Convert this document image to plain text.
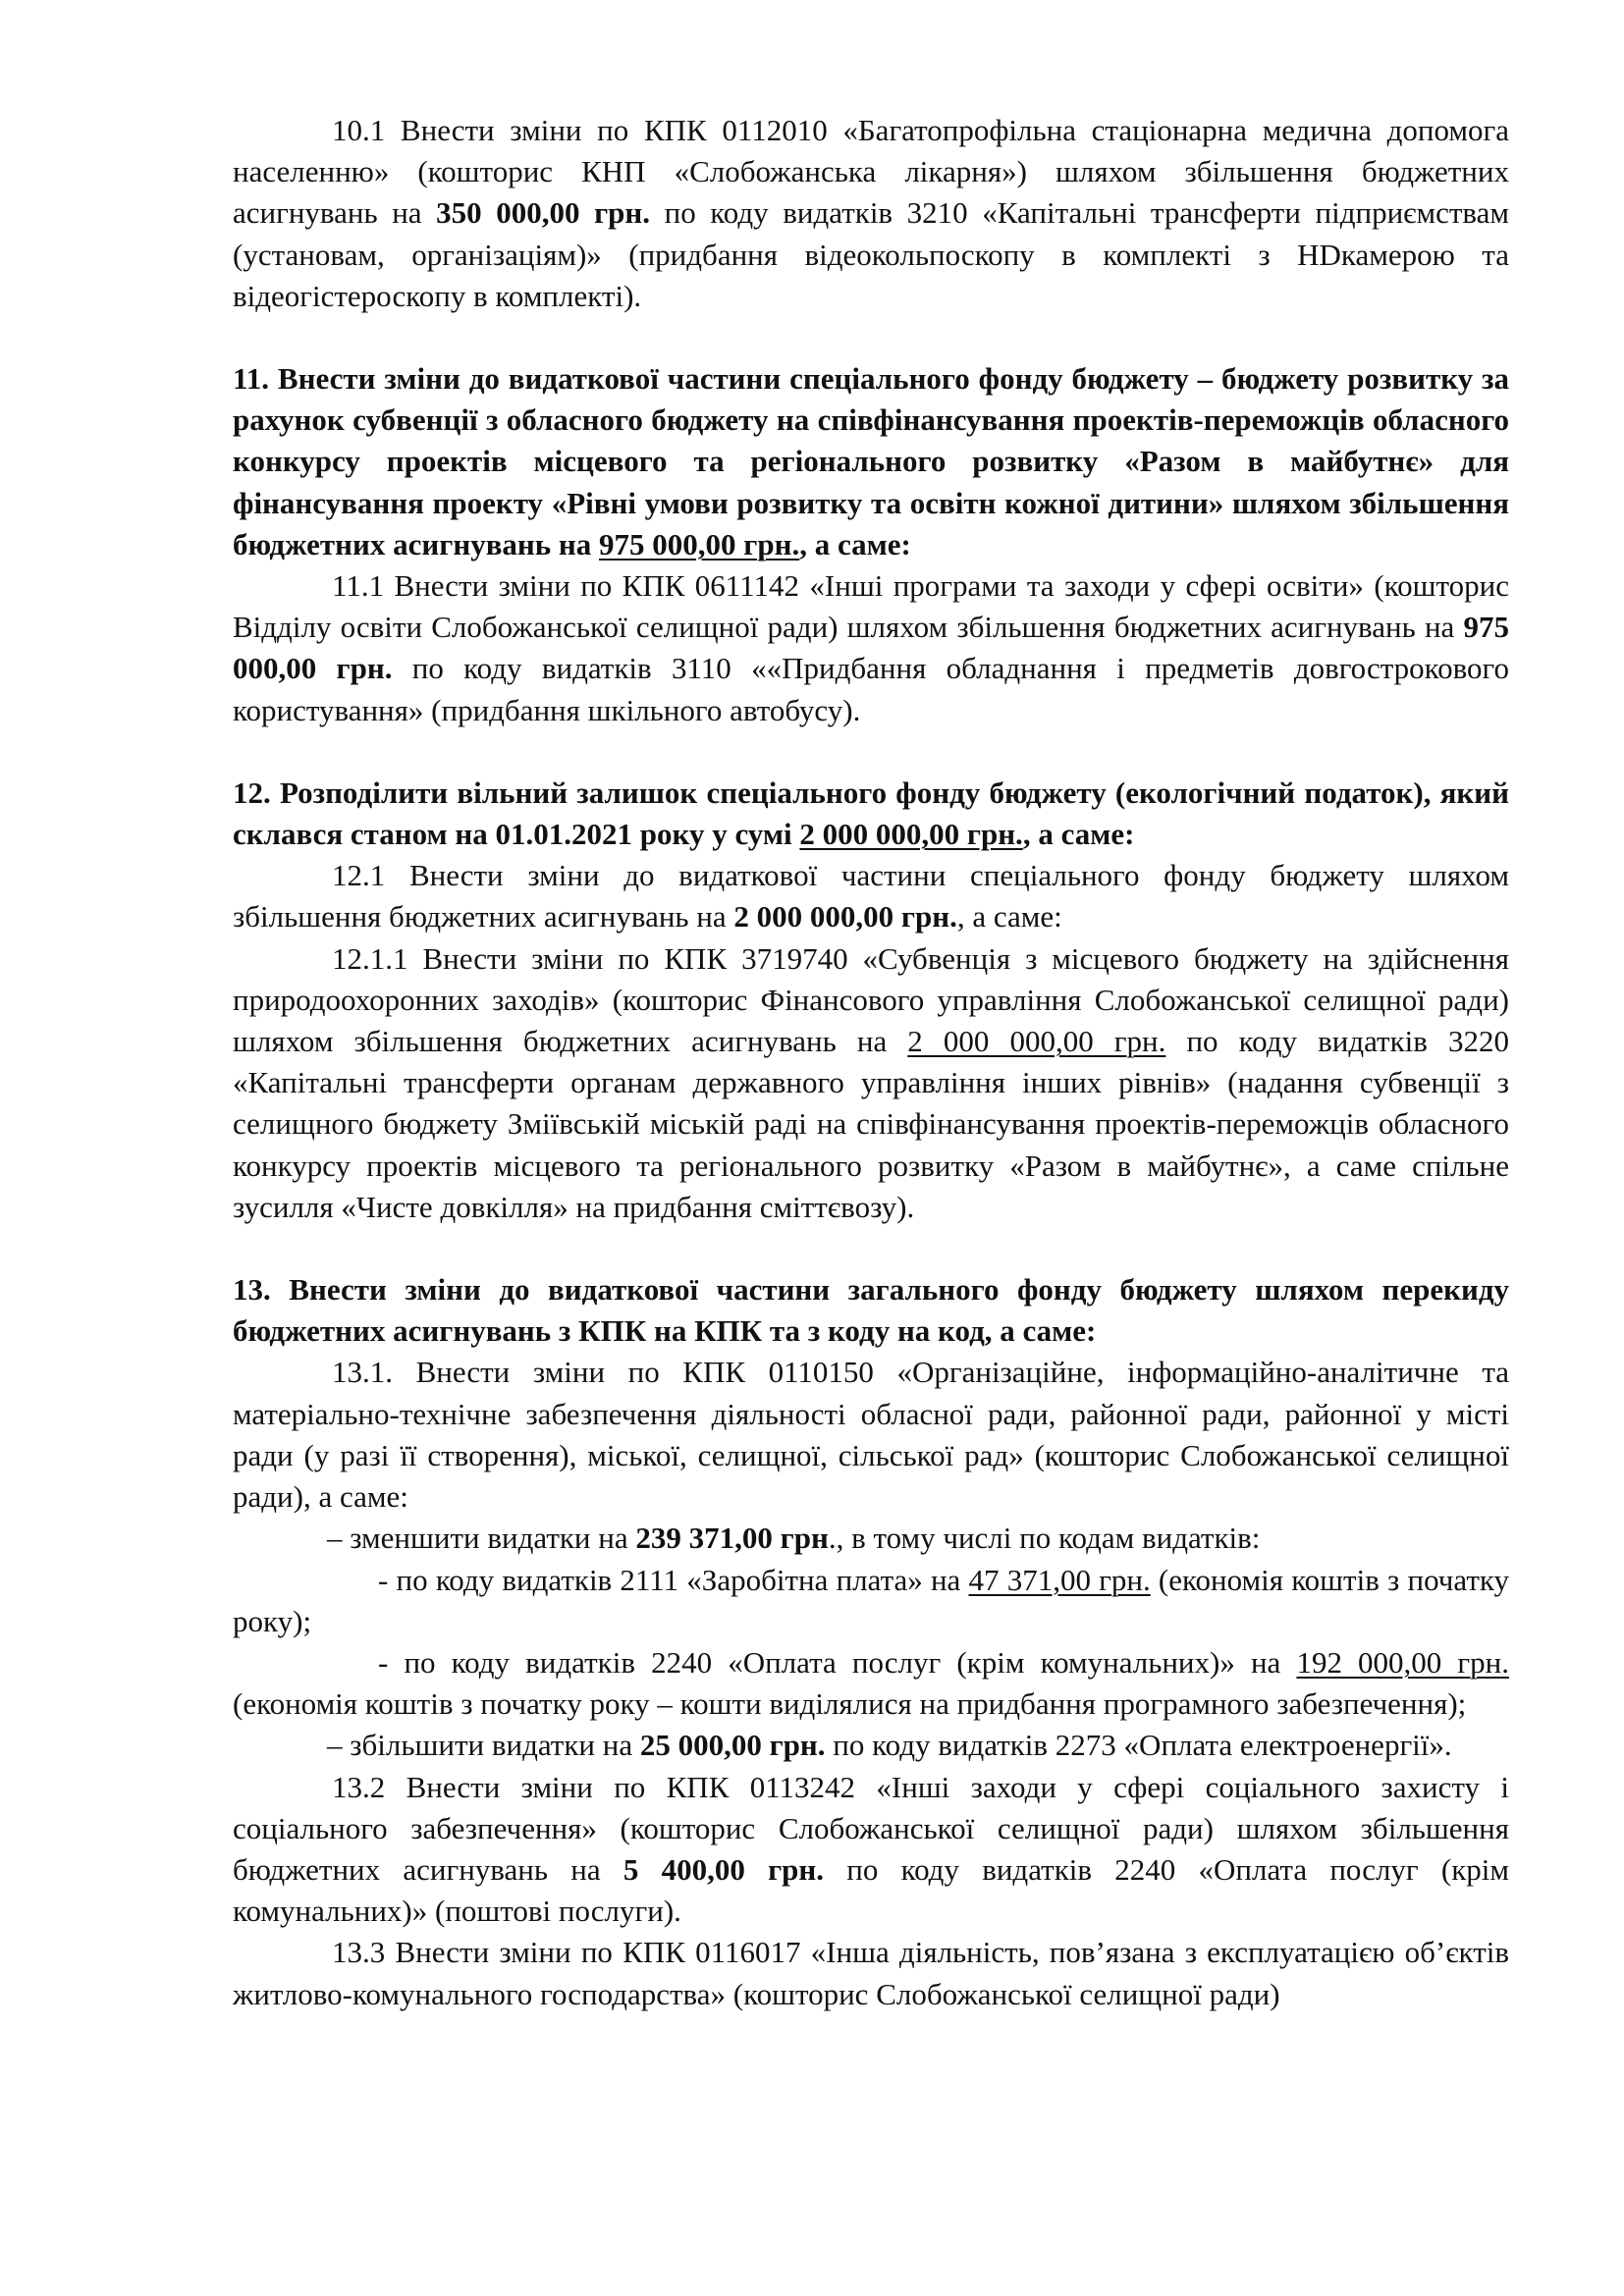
10.1 Внести зміни по КПК 0112010 «Багатопрофільна стаціонарна медична допомога населенню» (кошторис КНП «Слобожанська лікарня») шляхом збільшення бюджетних асигнувань на 350 000,00 грн. по коду видатків 3210 «Капітальні трансферти підприємствам (установам, організаціям)» (придбання відеокольпоскопу в комплекті з HDкамерою та відеогістероскопу в комплекті).

11. Внести зміни до видаткової частини спеціального фонду бюджету – бюджету розвитку за рахунок субвенції з обласного бюджету на співфінансування проектів-переможців обласного конкурсу проектів місцевого та регіонального розвитку «Разом в майбутнє» для фінансування проекту «Рівні умови розвитку та освітн кожної дитини» шляхом збільшення бюджетних асигнувань на 975 000,00 грн., а саме:

11.1 Внести зміни по КПК 0611142 «Інші програми та заходи у сфері освіти» (кошторис Відділу освіти Слобожанської селищної ради) шляхом збільшення бюджетних асигнувань на 975 000,00 грн. по коду видатків 3110 ««Придбання обладнання і предметів довгострокового користування» (придбання шкільного автобусу).

12. Розподілити вільний залишок спеціального фонду бюджету (екологічний податок), який склався станом на 01.01.2021 року у сумі 2 000 000,00 грн., а саме:

12.1 Внести зміни до видаткової частини спеціального фонду бюджету шляхом збільшення бюджетних асигнувань на 2 000 000,00 грн., а саме:

12.1.1 Внести зміни по КПК 3719740 «Субвенція з місцевого бюджету на здійснення природоохоронних заходів» (кошторис Фінансового управління Слобожанської селищної ради) шляхом збільшення бюджетних асигнувань на 2 000 000,00 грн. по коду видатків 3220 «Капітальні трансферти органам державного управління інших рівнів» (надання субвенції з селищного бюджету Зміївській міській раді на співфінансування проектів-переможців обласного конкурсу проектів місцевого та регіонального розвитку «Разом в майбутнє», а саме спільне зусилля «Чисте довкілля» на придбання сміттєвозу).

13. Внести зміни до видаткової частини загального фонду бюджету шляхом перекиду бюджетних асигнувань з КПК на КПК та з коду на код, а саме:

13.1. Внести зміни по КПК 0110150 «Організаційне, інформаційно-аналітичне та матеріально-технічне забезпечення діяльності обласної ради, районної ради, районної у місті ради (у разі її створення), міської, селищної, сільської рад» (кошторис Слобожанської селищної ради), а саме:

– зменшити видатки на 239 371,00 грн., в тому числі по кодам видатків:

- по коду видатків 2111 «Заробітна плата» на 47 371,00 грн. (економія коштів з початку року);

- по коду видатків 2240 «Оплата послуг (крім комунальних)» на 192 000,00 грн. (економія коштів з початку року – кошти виділялися на придбання програмного забезпечення);

– збільшити видатки на 25 000,00 грн. по коду видатків 2273 «Оплата електроенергії».

13.2 Внести зміни по КПК 0113242 «Інші заходи у сфері соціального захисту і соціального забезпечення» (кошторис Слобожанської селищної ради) шляхом збільшення бюджетних асигнувань на 5 400,00 грн. по коду видатків 2240 «Оплата послуг (крім комунальних)» (поштові послуги).

13.3 Внести зміни по КПК 0116017 «Інша діяльність, пов’язана з експлуатацією об’єктів житлово-комунального господарства» (кошторис Слобожанської селищної ради)
